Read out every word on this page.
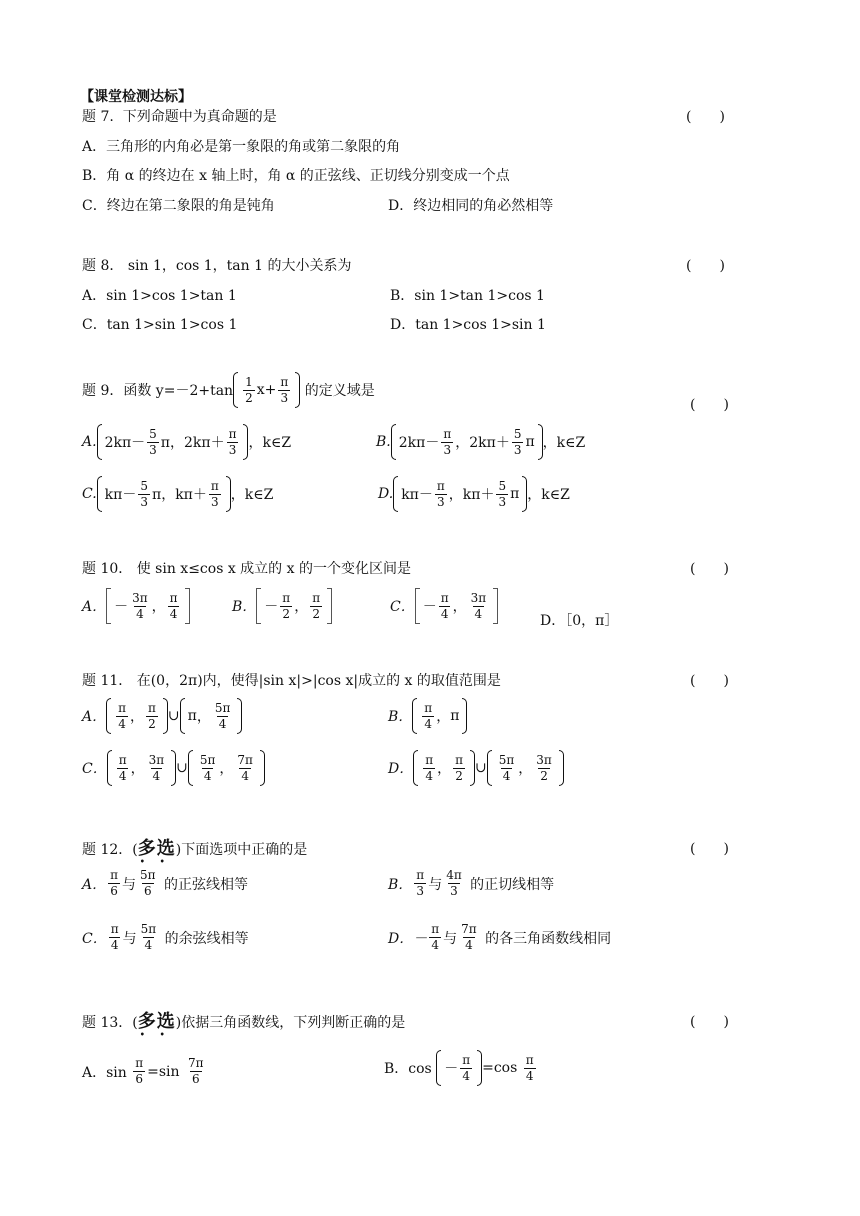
【课堂检测达标】
题 7. 下列命题中为真命题的是	(　　)
A．三角形的内角必是第一象限的角或第二象限的角
B．角 α 的终边在 x 轴上时，角 α 的正弦线、正切线分别变成一个点
C．终边在第二象限的角是钝角	D．终边相同的角必然相等
题 8． sin 1，cos 1，tan 1 的大小关系为	(　　)
A．sin 1>cos 1>tan 1	B．sin 1>tan 1>cos 1
C．tan 1>sin 1>cos 1	D．tan 1>cos 1>sin 1
题 9． 函数 $y=-2+\tan \frac{1}{2} x+ \frac{\pi}{3}$
的定义域是
(　　)
A. $2k\pi- \frac{5}{3}$ π，$2k\pi+ \frac{\pi}{3}$ ，k∈Z	B. $2k\pi- \frac{\pi}{3}$ ，$2k\pi+ \frac{5}{3}$ π ，k∈Z
C. $k\pi- \frac{5}{3}$ π，$k\pi+ \frac{\pi}{3}$ ，k∈Z	D. $k\pi- \frac{\pi}{3}$ ，$k\pi+ \frac{5}{3}$ π ，k∈Z
题 10． 使 sin x≤cos x 成立的 x 的一个变化区间是	(　　)
A． － $\frac{3\pi}{4}$ ， $\frac{\pi}{4}$	B． － $\frac{\pi}{2}$ ， $\frac{\pi}{2}$	C． － $\frac{\pi}{4}$ ， $\frac{3\pi}{4}$	D．［0，π］
题 11． 在(0，2π)内，使得|sin x|>|cos x|成立的 x 的取值范围是	(　　)
A． $\frac{\pi}{4}$ ， $\frac{\pi}{2}$ ∪ π ， $\frac{5\pi}{4}$	B． $\frac{\pi}{4}$ ， π
C． $\frac{\pi}{4}$ ， $\frac{3\pi}{4}$ ∪ $\frac{5\pi}{4}$ ， $\frac{7\pi}{4}$	D． $\frac{\pi}{4}$ ， $\frac{\pi}{2}$ ∪ $\frac{5\pi}{4}$ ， $\frac{3\pi}{2}$
题 12．(多选 • •)下面选项中正确的是	(　　)
A． $\frac{\pi}{6}$ 与 $\frac{5\pi}{6}$
的正弦线相等	B． $\frac{\pi}{3}$ 与 $\frac{4\pi}{3}$
的正切线相等
C． $\frac{\pi}{4}$ 与 $\frac{5\pi}{4}$
的余弦线相等	D．－ $\frac{\pi}{4}$ 与 $\frac{7\pi}{4}$
的各三角函数线相同
题 13．(多选 • •)依据三角函数线，下列判断正确的是	(　　)
A．sin
$\frac{\pi}{6} =\sin$
$\frac{7\pi}{6}$	B．cos
－ $\frac{\pi}{4} =\cos$
$\frac{\pi}{4}$
